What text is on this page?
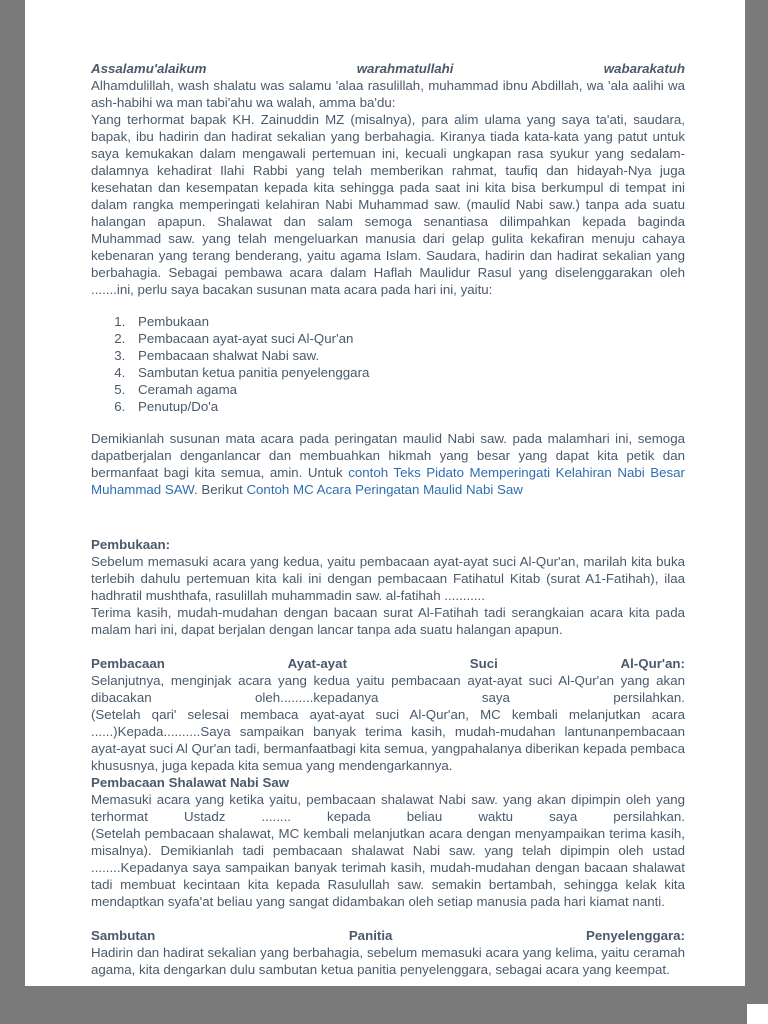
Assalamu'alaikum	warahmatullahi	wabarakatuh

Alhamdulillah, wash shalatu was salamu 'alaa rasulillah, muhammad ibnu Abdillah, wa 'ala aalihi wa ash-habihi wa man tabi'ahu wa walah, amma ba'du:

Yang terhormat bapak KH. Zainuddin MZ (misalnya), para alim ulama yang saya ta'ati, saudara, bapak, ibu hadirin dan hadirat sekalian yang berbahagia. Kiranya tiada kata-kata yang patut untuk saya kemukakan dalam mengawali pertemuan ini, kecuali ungkapan rasa syukur yang sedalam-dalamnya kehadirat Ilahi Rabbi yang telah memberikan rahmat, taufiq dan hidayah-Nya juga kesehatan dan kesempatan kepada kita sehingga pada saat ini kita bisa berkumpul di tempat ini dalam rangka memperingati kelahiran Nabi Muhammad saw. (maulid Nabi saw.) tanpa ada suatu halangan apapun. Shalawat dan salam semoga senantiasa dilimpahkan kepada baginda Muhammad saw. yang telah mengeluarkan manusia dari gelap gulita kekafiran menuju cahaya kebenaran yang terang benderang, yaitu agama Islam. Saudara, hadirin dan hadirat sekalian yang berbahagia. Sebagai pembawa acara dalam Haflah Maulidur Rasul yang diselenggarakan oleh .......ini, perlu saya bacakan susunan mata acara pada hari ini, yaitu:

1. Pembukaan
2. Pembacaan ayat-ayat suci Al-Qur'an
3. Pembacaan shalwat Nabi saw.
4. Sambutan ketua panitia penyelenggara
5. Ceramah agama
6. Penutup/Do'a

Demikianlah susunan mata acara pada peringatan maulid Nabi saw. pada malamhari ini, semoga dapatberjalan denganlancar dan membuahkan hikmah yang besar yang dapat kita petik dan bermanfaat bagi kita semua, amin. Untuk contoh Teks Pidato Memperingati Kelahiran Nabi Besar Muhammad SAW. Berikut Contoh MC Acara Peringatan Maulid Nabi Saw

Pembukaan:

Sebelum memasuki acara yang kedua, yaitu pembacaan ayat-ayat suci Al-Qur'an, marilah kita buka terlebih dahulu pertemuan kita kali ini dengan pembacaan Fatihatul Kitab (surat A1-Fatihah), ilaa hadhratil mushthafa, rasulillah muhammadin saw. al-fatihah ...........

Terima kasih, mudah-mudahan dengan bacaan surat Al-Fatihah tadi serangkaian acara kita pada malam hari ini, dapat berjalan dengan lancar tanpa ada suatu halangan apapun.

Pembacaan	Ayat-ayat	Suci	Al-Qur'an:

Selanjutnya, menginjak acara yang kedua yaitu pembacaan ayat-ayat suci Al-Qur'an yang akan dibacakan oleh.........kepadanya saya persilahkan.

(Setelah qari' selesai membaca ayat-ayat suci Al-Qur'an, MC kembali melanjutkan acara ......)Kepada..........Saya sampaikan banyak terima kasih, mudah-mudahan lantunanpembacaan ayat-ayat suci Al Qur'an tadi, bermanfaatbagi kita semua, yangpahalanya diberikan kepada pembaca khususnya, juga kepada kita semua yang mendengarkannya.

Pembacaan Shalawat Nabi Saw

Memasuki acara yang ketika yaitu, pembacaan shalawat Nabi saw. yang akan dipimpin oleh yang terhormat Ustadz ........ kepada beliau waktu saya persilahkan.

(Setelah pembacaan shalawat, MC kembali melanjutkan acara dengan menyampaikan terima kasih, misalnya). Demikianlah tadi pembacaan shalawat Nabi saw. yang telah dipimpin oleh ustad ........Kepadanya saya sampaikan banyak terimah kasih, mudah-mudahan dengan bacaan shalawat tadi membuat kecintaan kita kepada Rasulullah saw. semakin bertambah, sehingga kelak kita mendaptkan syafa'at beliau yang sangat didambakan oleh setiap manusia pada hari kiamat nanti.

Sambutan	Panitia	Penyelenggara:

Hadirin dan hadirat sekalian yang berbahagia, sebelum memasuki acara yang kelima, yaitu ceramah agama, kita dengarkan dulu sambutan ketua panitia penyelenggara, sebagai acara yang keempat.
